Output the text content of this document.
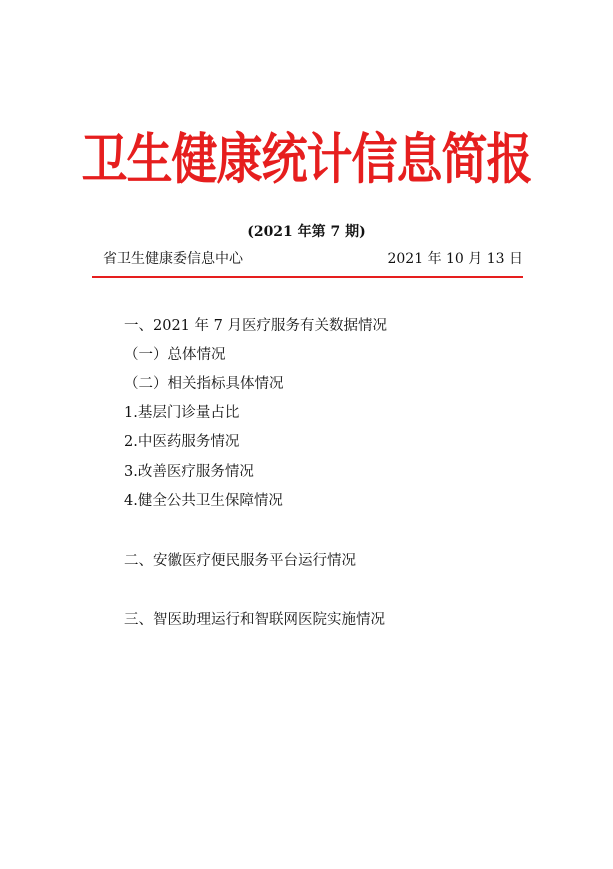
卫生健康统计信息简报
(2021 年第 7 期)
省卫生健康委信息中心	2021 年 10 月 13 日
一、2021 年 7 月医疗服务有关数据情况
（一）总体情况
（二）相关指标具体情况
1.基层门诊量占比
2.中医药服务情况
3.改善医疗服务情况
4.健全公共卫生保障情况
二、安徽医疗便民服务平台运行情况
三、智医助理运行和智联网医院实施情况
